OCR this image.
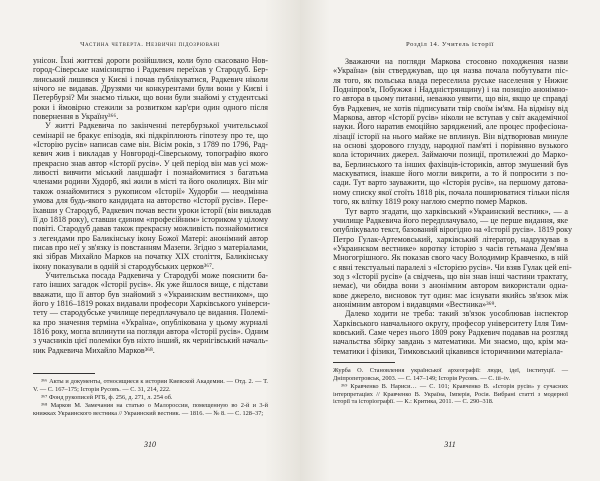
Частина четверта. Незвичні підозрювані
унісон. Їхні життєві дороги розійшлися, коли було скасовано Нов-
город-Сіверське намісництво і Радкевич переїхав у Стародуб. Бер-
линський лишився у Києві і почав публікуватися, Радкевич ніколи
нічого не видавав. Друзями чи конкурентами були вони у Києві і
Петербурзі? Ми знаємо тільки, що вони були знайомі у студентські
роки і ймовірно стежили за розвитком кар'єри один одного після
повернення в Україну³⁶⁶.
У житті Радкевича по закінченні петербурзької учительської
семінарії не бракує епізодів, які підкріплюють гіпотезу про те, що
«Історію русів» написав саме він. Вісім років, з 1789 по 1796, Рад-
кевич жив і викладав у Новгороді-Сіверському, топографію якого
прекрасно знав автор «Історії русів». У цей період він мав усі мож-
ливості вивчити міський ландшафт і познайомитися з багатьма
членами родини Худорб, які жили в місті та його околицях. Він міг
також ознайомитися з рукописом «Історії» Худорби — неодмінна
умова для будь-якого кандидата на авторство «Історії русів». Пере-
їхавши у Стародуб, Радкевич почав вести уроки історії (він викладав
її до 1818 року), ставши єдиним «професійним» істориком у цілому
повіті. Стародуб давав також прекрасну можливість познайомитися
з легендами про Баликінську ікону Божої Матері: анонімний автор
писав про неї у зв'язку із повстанням Мазепи. Згідно з матеріалами,
які зібрав Михайло Марков на початку XIX століття, Баликінську
ікону показували в одній зі стародубських церков³⁶⁷.
Учительська посада Радкевича у Стародубі може пояснити ба-
гато інших загадок «Історії русів». Як уже йшлося вище, є підстави
вважати, що її автор був знайомий з «Украинским вестником», що
його у 1816–1819 роках видавали професори Харківського універси-
тету — стародубське училище передплачувало це видання. Полемі-
ка про значення терміна «Україна», опублікована у цьому журналі
1816 року, могла вплинути на погляди автора «Історії русів». Одним
з учасників цієї полеміки був ніхто інший, як чернігівський началь-
ник Радкевича Михайло Марков³⁶⁸.
³⁶⁶ Акты и документы, относящиеся к истории Киевской Академии. — Отд. 2. — Т. V. — С. 167–175; Історія Русовъ. — С. 31, 214, 222.
³⁶⁷ Фонд рукописей РГБ, ф. 256, д. 271, л. 254 об.
³⁶⁸ Марков М. Замечания на статью о Малороссии, помещенную во 2-й и 3-й книжках Украинского вестника // Украинский вестник. — 1816. — № 8. — С. 128–37;
310
Розділ 14. Учитель історії
Зважаючи на погляди Маркова стосовно походження назви
«Україна» (він стверджував, що ця назва почала побутувати піс-
ля того, як польська влада переселила руське населення у Нижнє
Подніпров'я, Побужжя і Наддністрянщину) і на позицію анонімно-
го автора в цьому питанні, неважко уявити, що він, якщо це справді
був Радкевич, не хотів підписувати твір своїм ім'ям. На відміну від
Маркова, автор «Історії русів» ніколи не вступав у світ академічної
науки. Його наратив емоційно заряджений, але процес професіона-
лізації історії на нього майже не вплинув. Він відтворював минуле
на основі здорового глузду, народної пам'яті і порівняно вузького
кола історичних джерел. Займаючи позиції, протилежні до Маркo-
ва, Берлинського та інших фахівців-істориків, автор змушений був
маскуватися, інакше його могли викрити, а то й попросити з по-
сади. Тут варто зауважити, що «Історія русів», на першому датова-
ному списку якої стоїть 1818 рік, почала поширюватися тільки після
того, як влітку 1819 року наглою смертю помер Марков.
Тут варто згадати, що харківський «Украинский вестник», — а
училище Радкевича його передплачувало, — це перше видання, яке
опублікувало текст, базований вірогідно на «Історії русів». 1819 року
Петро Гулак-Артемовський, харківський літератор, надрукував в
«Украинском вестнике» коротку історію з часів гетьмана Дем'яна
Многогрішного. Як показав свого часу Володимир Кравченко, в ній
є явні текстуальні паралелі з «Історією русів». Чи взяв Гулак цей епі-
зод з «Історії русів» (а свідчень, що він знав інші частини трактату,
немає), чи обидва вони з анонімним автором використали одна-
кове джерело, висновок тут один: має існувати якийсь зв'язок між
анонімним автором і видавцями «Вестника»³⁶⁹.
Далеко ходити не треба: такий зв'язок уособлював інспектор
Харківського навчального округу, професор університету Ілля Тим-
ковський. Саме через нього 1809 року Радкевич подавав на розгляд
начальства збірку завдань з математики. Ми знаємо, що, крім ма-
тематики і фізики, Тимковський цікавився історичними матеріала-
Журба О. Становлення української археографії: люди, ідеї, інституції. — Дніпропетровськ, 2003. — С. 147–149; Історія Русовъ. — С. iii–iv.
³⁶⁹ Кравченко В. Нариси… — С. 101; Кравченко В. «Історія русів» у сучасних інтерпретаціях // Кравченко В. Україна, Імперія, Росія. Вибрані статті з модерної історії та історіографії. — К.: Критика, 2011. — С. 290–318.
311
